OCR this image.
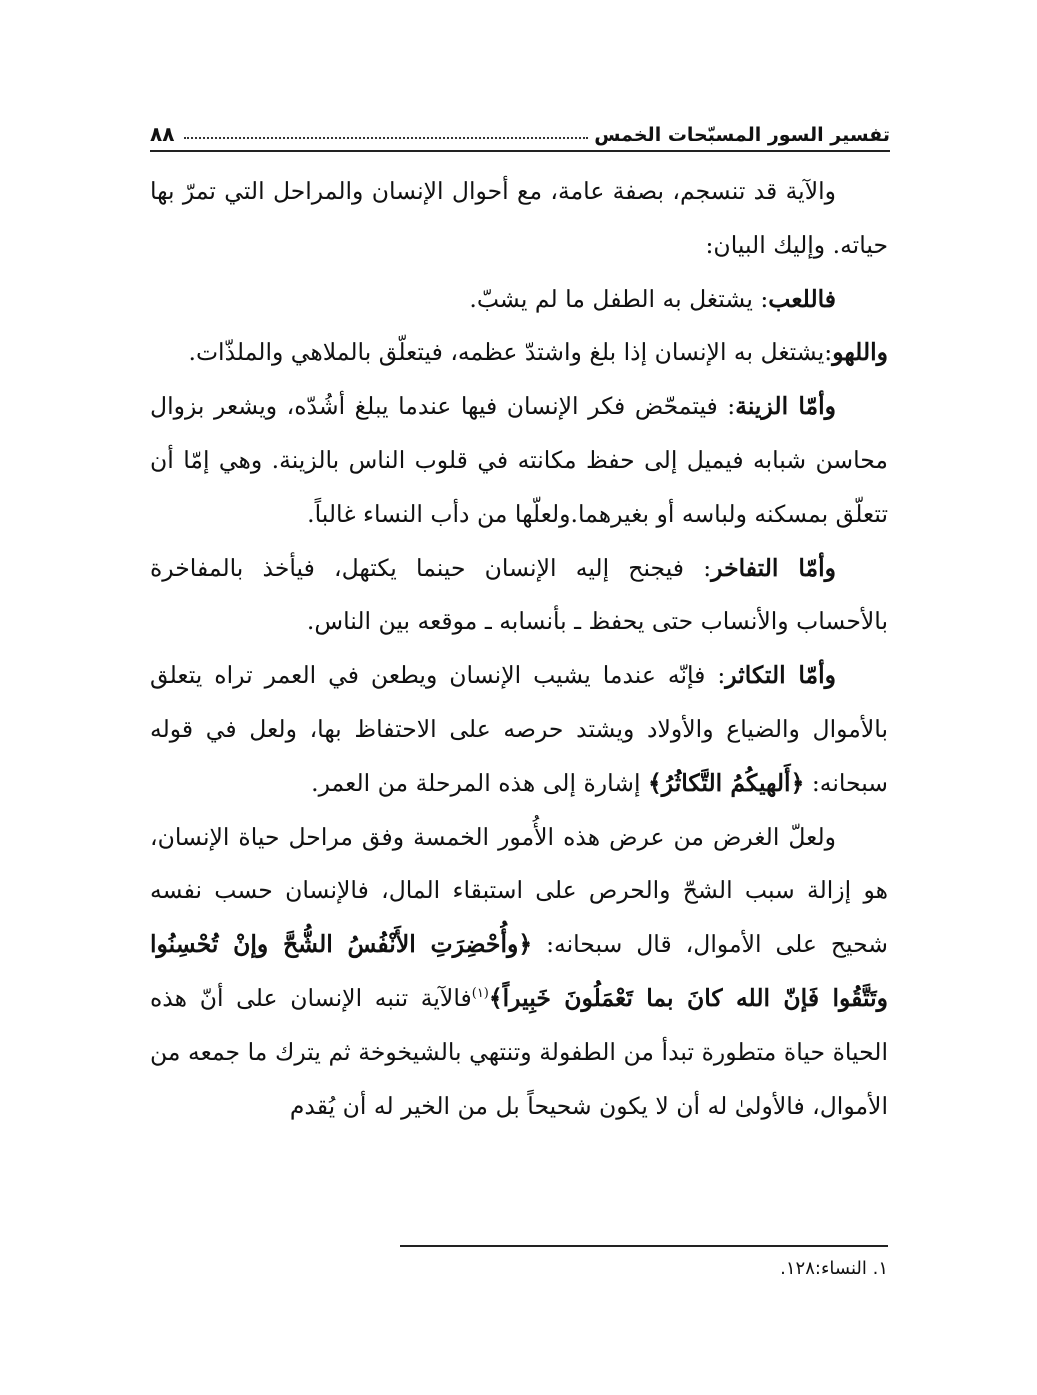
٨٨	تفسير السور المسبّحات الخمس

والآية قد تنسجم، بصفة عامة، مع أحوال الإنسان والمراحل التي تمرّ بها حياته. وإليك البيان:

فاللعب: يشتغل به الطفل ما لم يشبّ.

واللهو:يشتغل به الإنسان إذا بلغ واشتدّ عظمه، فيتعلّق بالملاهي والملذّات.

وأمّا الزينة: فيتمحّض فكر الإنسان فيها عندما يبلغ أشُدّه، ويشعر بزوال محاسن شبابه فيميل إلى حفظ مكانته في قلوب الناس بالزينة. وهي إمّا أن تتعلّق بمسكنه ولباسه أو بغيرهما.ولعلّها من دأب النساء غالباً.

وأمّا التفاخر: فيجنح إليه الإنسان حينما يكتهل، فيأخذ بالمفاخرة بالأحساب والأنساب حتى يحفظ ـ بأنسابه ـ موقعه بين الناس.

وأمّا التكاثر: فإنّه عندما يشيب الإنسان ويطعن في العمر تراه يتعلق بالأموال والضياع والأولاد ويشتد حرصه على الاحتفاظ بها، ولعل في قوله سبحانه: ﴿أَلهيكُمُ التَّكاثُرُ﴾ إشارة إلى هذه المرحلة من العمر.

ولعلّ الغرض من عرض هذه الأُمور الخمسة وفق مراحل حياة الإنسان، هو إزالة سبب الشحّ والحرص على استبقاء المال، فالإنسان حسب نفسه شحيح على الأموال، قال سبحانه: ﴿وأُحْضِرَتِ الأَنْفُسُ الشُّحَّ وإنْ تُحْسِنُوا وتَتَّقُوا فَإنّ الله كانَ بما تَعْمَلُونَ خَبِيراً﴾$^{(١)}$فالآية تنبه الإنسان على أنّ هذه الحياة حياة متطورة تبدأ من الطفولة وتنتهي بالشيخوخة ثم يترك ما جمعه من الأموال، فالأولىٰ له أن لا يكون شحيحاً بل من الخير له أن يُقدم

١. النساء:١٢٨.
